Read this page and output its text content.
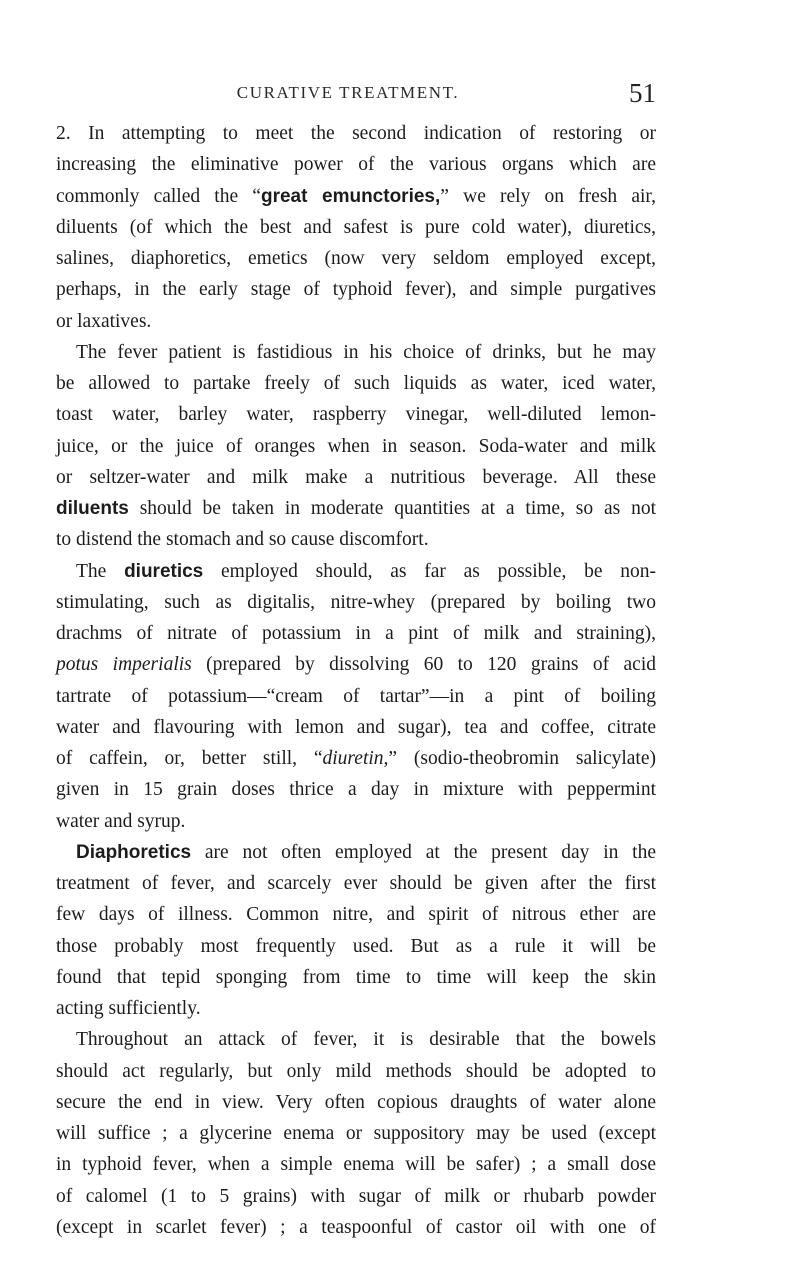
CURATIVE TREATMENT.	51
2. In attempting to meet the second indication of restoring or
increasing the eliminative power of the various organs which are
commonly called the “great emunctories,” we rely on fresh air,
diluents (of which the best and safest is pure cold water), diuretics,
salines, diaphoretics, emetics (now very seldom employed except,
perhaps, in the early stage of typhoid fever), and simple purgatives
or laxatives.
The fever patient is fastidious in his choice of drinks, but he may
be allowed to partake freely of such liquids as water, iced water,
toast water, barley water, raspberry vinegar, well-diluted lemon-
juice, or the juice of oranges when in season. Soda-water and milk
or seltzer-water and milk make a nutritious beverage. All these
diluents should be taken in moderate quantities at a time, so as not
to distend the stomach and so cause discomfort.
The diuretics employed should, as far as possible, be non-
stimulating, such as digitalis, nitre-whey (prepared by boiling two
drachms of nitrate of potassium in a pint of milk and straining),
potus imperialis (prepared by dissolving 60 to 120 grains of acid
tartrate of potassium—“cream of tartar”—in a pint of boiling
water and flavouring with lemon and sugar), tea and coffee, citrate
of caffein, or, better still, “diuretin,” (sodio-theobromin salicylate)
given in 15 grain doses thrice a day in mixture with peppermint
water and syrup.
Diaphoretics are not often employed at the present day in the
treatment of fever, and scarcely ever should be given after the first
few days of illness. Common nitre, and spirit of nitrous ether are
those probably most frequently used. But as a rule it will be
found that tepid sponging from time to time will keep the skin
acting sufficiently.
Throughout an attack of fever, it is desirable that the bowels
should act regularly, but only mild methods should be adopted to
secure the end in view. Very often copious draughts of water alone
will suffice ; a glycerine enema or suppository may be used (except
in typhoid fever, when a simple enema will be safer) ; a small dose
of calomel (1 to 5 grains) with sugar of milk or rhubarb powder
(except in scarlet fever) ; a teaspoonful of castor oil with one of
